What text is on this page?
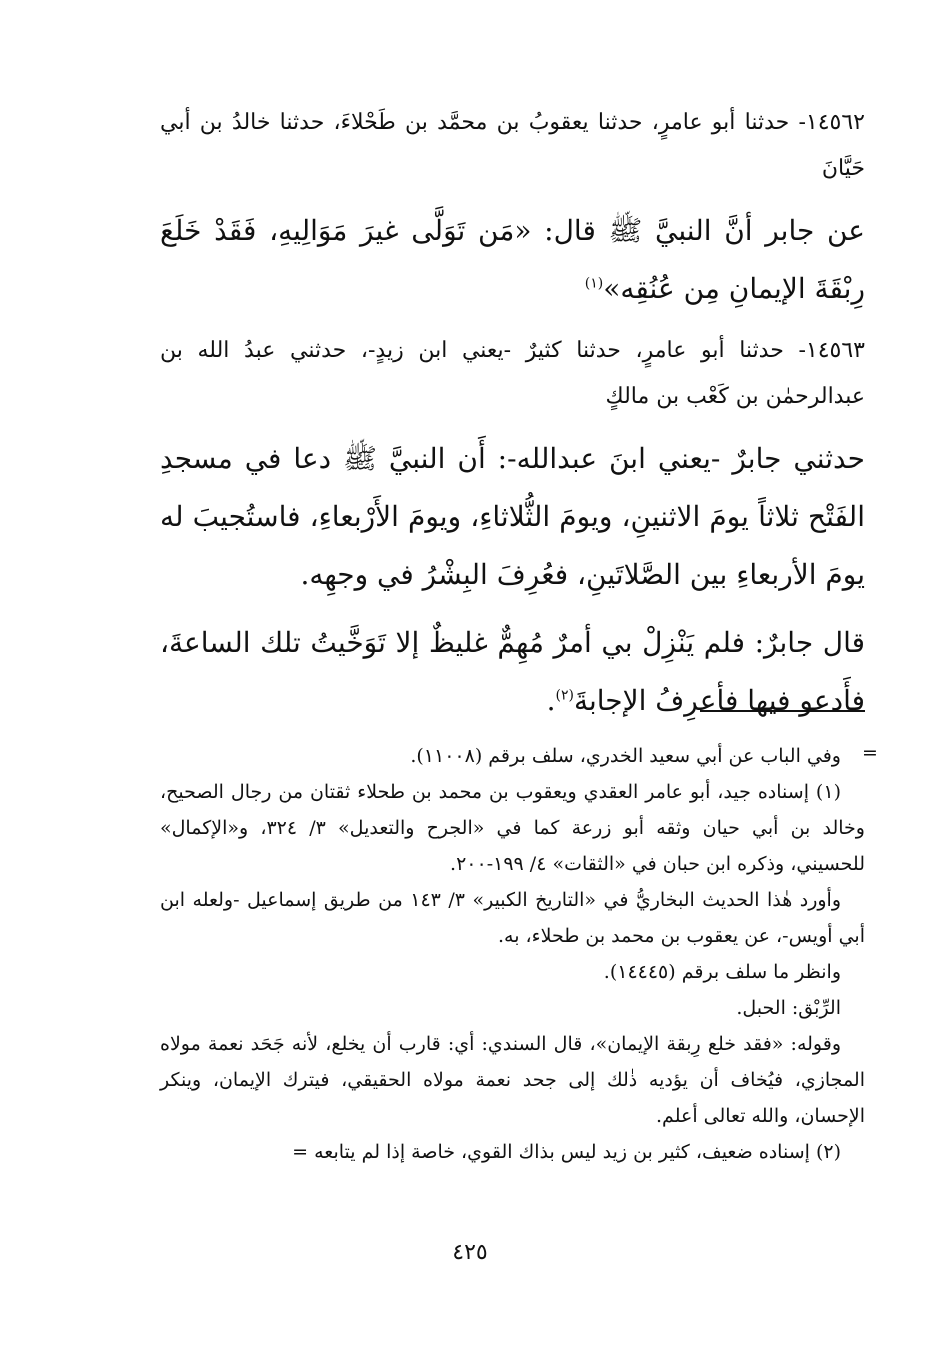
١٤٥٦٢- حدثنا أبو عامرٍ، حدثنا يعقوبُ بن محمَّد بن طَحْلاءَ، حدثنا خالدُ بن أبي حَيَّانَ

عن جابر أنَّ النبيَّ ﷺ قال: «مَن تَوَلَّى غيرَ مَوَالِيهِ، فَقَدْ خَلَعَ رِبْقَةَ الإيمانِ مِن عُنُقِه»$^{(١)}$

١٤٥٦٣- حدثنا أبو عامرٍ، حدثنا كثيرٌ -يعني ابن زيدٍ-، حدثني عبدُ الله بن عبدالرحمٰن بن كَعْب بن مالكٍ

حدثني جابرٌ -يعني ابنَ عبدالله-: أَن النبيَّ ﷺ دعا في مسجدِ الفَتْح ثلاثاً يومَ الاثنينِ، ويومَ الثُّلاثاءِ، ويومَ الأَرْبعاءِ، فاستُجيبَ له يومَ الأربعاءِ بين الصَّلاتَينِ، فعُرِفَ البِشْرُ في وجهِه.

قال جابرٌ: فلم يَنْزِلْ بي أمرٌ مُهِمٌّ غليظٌ إلا تَوَخَّيتُ تلك الساعةَ، فأَدعو فيها فأعرِفُ الإجابةَ$^{(٢)}$.

=

وفي الباب عن أبي سعيد الخدري، سلف برقم (١١٠٠٨).

(١) إسناده جيد، أبو عامر العقدي ويعقوب بن محمد بن طحلاء ثقتان من رجال الصحيح، وخالد بن أبي حيان وثقه أبو زرعة كما في «الجرح والتعديل» ٣/ ٣٢٤، و«الإكمال» للحسيني، وذكره ابن حبان في «الثقات» ٤/ ١٩٩-٢٠٠.

وأورد هٰذا الحديث البخاريُّ في «التاريخ الكبير» ٣/ ١٤٣ من طريق إسماعيل -ولعله ابن أبي أويس-، عن يعقوب بن محمد بن طحلاء، به.

وانظر ما سلف برقم (١٤٤٤٥).

الرِّبْق: الحبل.

وقوله: «فقد خلع رِبقة الإيمان»، قال السندي: أي: قارب أن يخلع، لأنه جَحَد نعمة مولاه المجازي، فيُخاف أن يؤديه ذٰلك إلى جحد نعمة مولاه الحقيقي، فيترك الإيمان، وينكر الإحسان، والله تعالى أعلم.

(٢) إسناده ضعيف، كثير بن زيد ليس بذاك القوي، خاصة إذا لم يتابعه =

٤٢٥
